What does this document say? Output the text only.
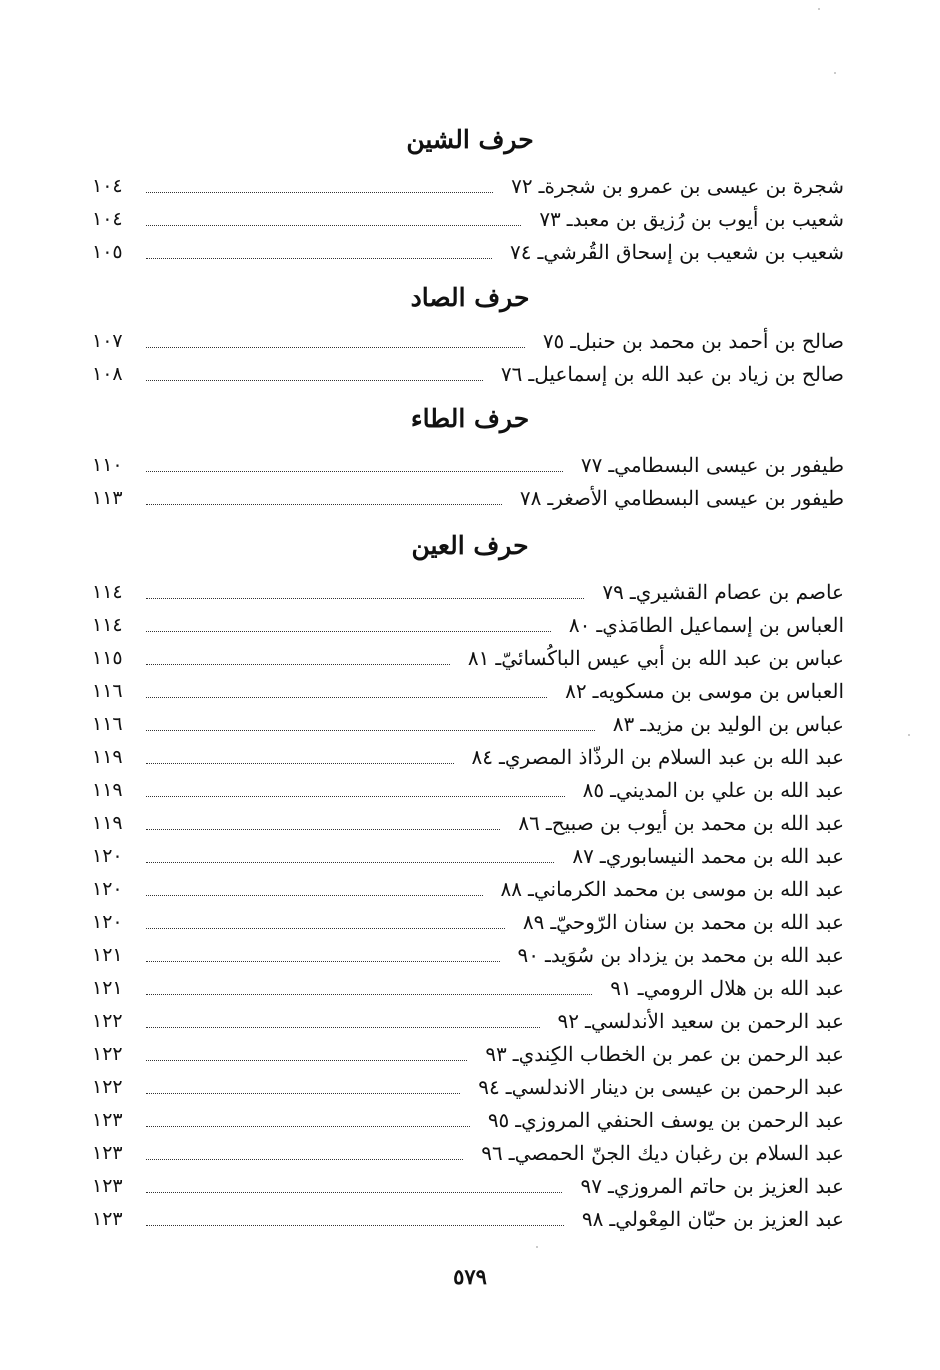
حرف الشين
٧٢ ـ شجرة بن عيسى بن عمرو بن شجرة
١٠٤
٧٣ ـ شعيب بن أيوب بن رُزيق بن معبد
١٠٤
٧٤ ـ شعيب بن شعيب بن إسحاق القُرشي
١٠٥
حرف الصاد
٧٥ ـ صالح بن أحمد بن محمد بن حنبل
١٠٧
٧٦ ـ صالح بن زياد بن عبد الله بن إسماعيل
١٠٨
حرف الطاء
٧٧ ـ طيفور بن عيسى البسطامي
١١٠
٧٨ ـ طيفور بن عيسى البسطامي الأصغر
١١٣
حرف العين
٧٩ ـ عاصم بن عصام القشيري
١١٤
٨٠ ـ العباس بن إسماعيل الطامَذي
١١٤
٨١ ـ عباس بن عبد الله بن أبي عيس الباكُسائيّ
١١٥
٨٢ ـ العباس بن موسى بن مسكويه
١١٦
٨٣ ـ عباس بن الوليد بن مزيد
١١٦
٨٤ ـ عبد الله بن عبد السلام بن الرذّاذ المصري
١١٩
٨٥ ـ عبد الله بن علي بن المديني
١١٩
٨٦ ـ عبد الله بن محمد بن أيوب بن صبيح
١١٩
٨٧ ـ عبد الله بن محمد النيسابوري
١٢٠
٨٨ ـ عبد الله بن موسى بن محمد الكرماني
١٢٠
٨٩ ـ عبد الله بن محمد بن سنان الرّوحيّ
١٢٠
٩٠ ـ عبد الله بن محمد بن يزداد بن سُوَيد
١٢١
٩١ ـ عبد الله بن هلال الرومي
١٢١
٩٢ ـ عبد الرحمن بن سعيد الأندلسي
١٢٢
٩٣ ـ عبد الرحمن بن عمر بن الخطاب الكِندي
١٢٢
٩٤ ـ عبد الرحمن بن عيسى بن دينار الاندلسي
١٢٢
٩٥ ـ عبد الرحمن بن يوسف الحنفي المروزي
١٢٣
٩٦ ـ عبد السلام بن رغبان ديك الجنّ الحمصي
١٢٣
٩٧ ـ عبد العزيز بن حاتم المروزي
١٢٣
٩٨ ـ عبد العزيز بن حبّان المِعْولي
١٢٣
٥٧٩
